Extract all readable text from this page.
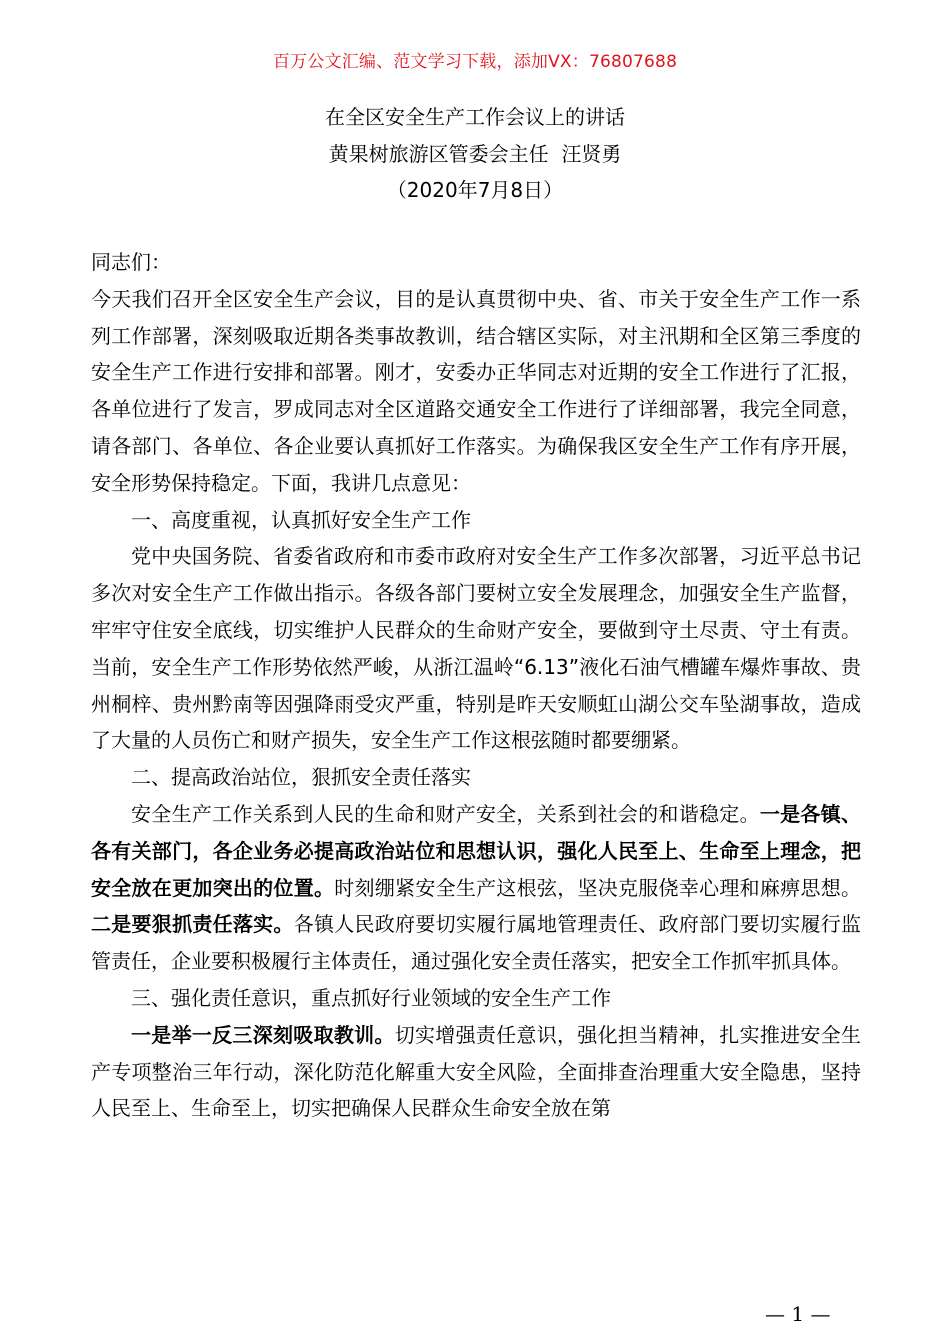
百万公文汇编、范文学习下载，添加VX：76807688
在全区安全生产工作会议上的讲话
黄果树旅游区管委会主任  汪贤勇
（2020年7月8日）

同志们：

今天我们召开全区安全生产会议，目的是认真贯彻中央、省、市关于安全生产工作一系列工作部署，深刻吸取近期各类事故教训，结合辖区实际，对主汛期和全区第三季度的安全生产工作进行安排和部署。刚才，安委办正华同志对近期的安全工作进行了汇报，各单位进行了发言，罗成同志对全区道路交通安全工作进行了详细部署，我完全同意，请各部门、各单位、各企业要认真抓好工作落实。为确保我区安全生产工作有序开展，安全形势保持稳定。下面，我讲几点意见：

一、高度重视，认真抓好安全生产工作

党中央国务院、省委省政府和市委市政府对安全生产工作多次部署，习近平总书记多次对安全生产工作做出指示。各级各部门要树立安全发展理念，加强安全生产监督，牢牢守住安全底线，切实维护人民群众的生命财产安全，要做到守土尽责、守土有责。当前，安全生产工作形势依然严峻，从浙江温岭“6.13”液化石油气槽罐车爆炸事故、贵州桐梓、贵州黔南等因强降雨受灾严重，特别是昨天安顺虹山湖公交车坠湖事故，造成了大量的人员伤亡和财产损失，安全生产工作这根弦随时都要绷紧。

二、提高政治站位，狠抓安全责任落实

安全生产工作关系到人民的生命和财产安全，关系到社会的和谐稳定。一是各镇、各有关部门，各企业务必提高政治站位和思想认识，强化人民至上、生命至上理念，把安全放在更加突出的位置。时刻绷紧安全生产这根弦，坚决克服侥幸心理和麻痹思想。二是要狠抓责任落实。各镇人民政府要切实履行属地管理责任、政府部门要切实履行监管责任，企业要积极履行主体责任，通过强化安全责任落实，把安全工作抓牢抓具体。

三、强化责任意识，重点抓好行业领域的安全生产工作

一是举一反三深刻吸取教训。切实增强责任意识，强化担当精神，扎实推进安全生产专项整治三年行动，深化防范化解重大安全风险，全面排查治理重大安全隐患，坚持人民至上、生命至上，切实把确保人民群众生命安全放在第

— 1 —
